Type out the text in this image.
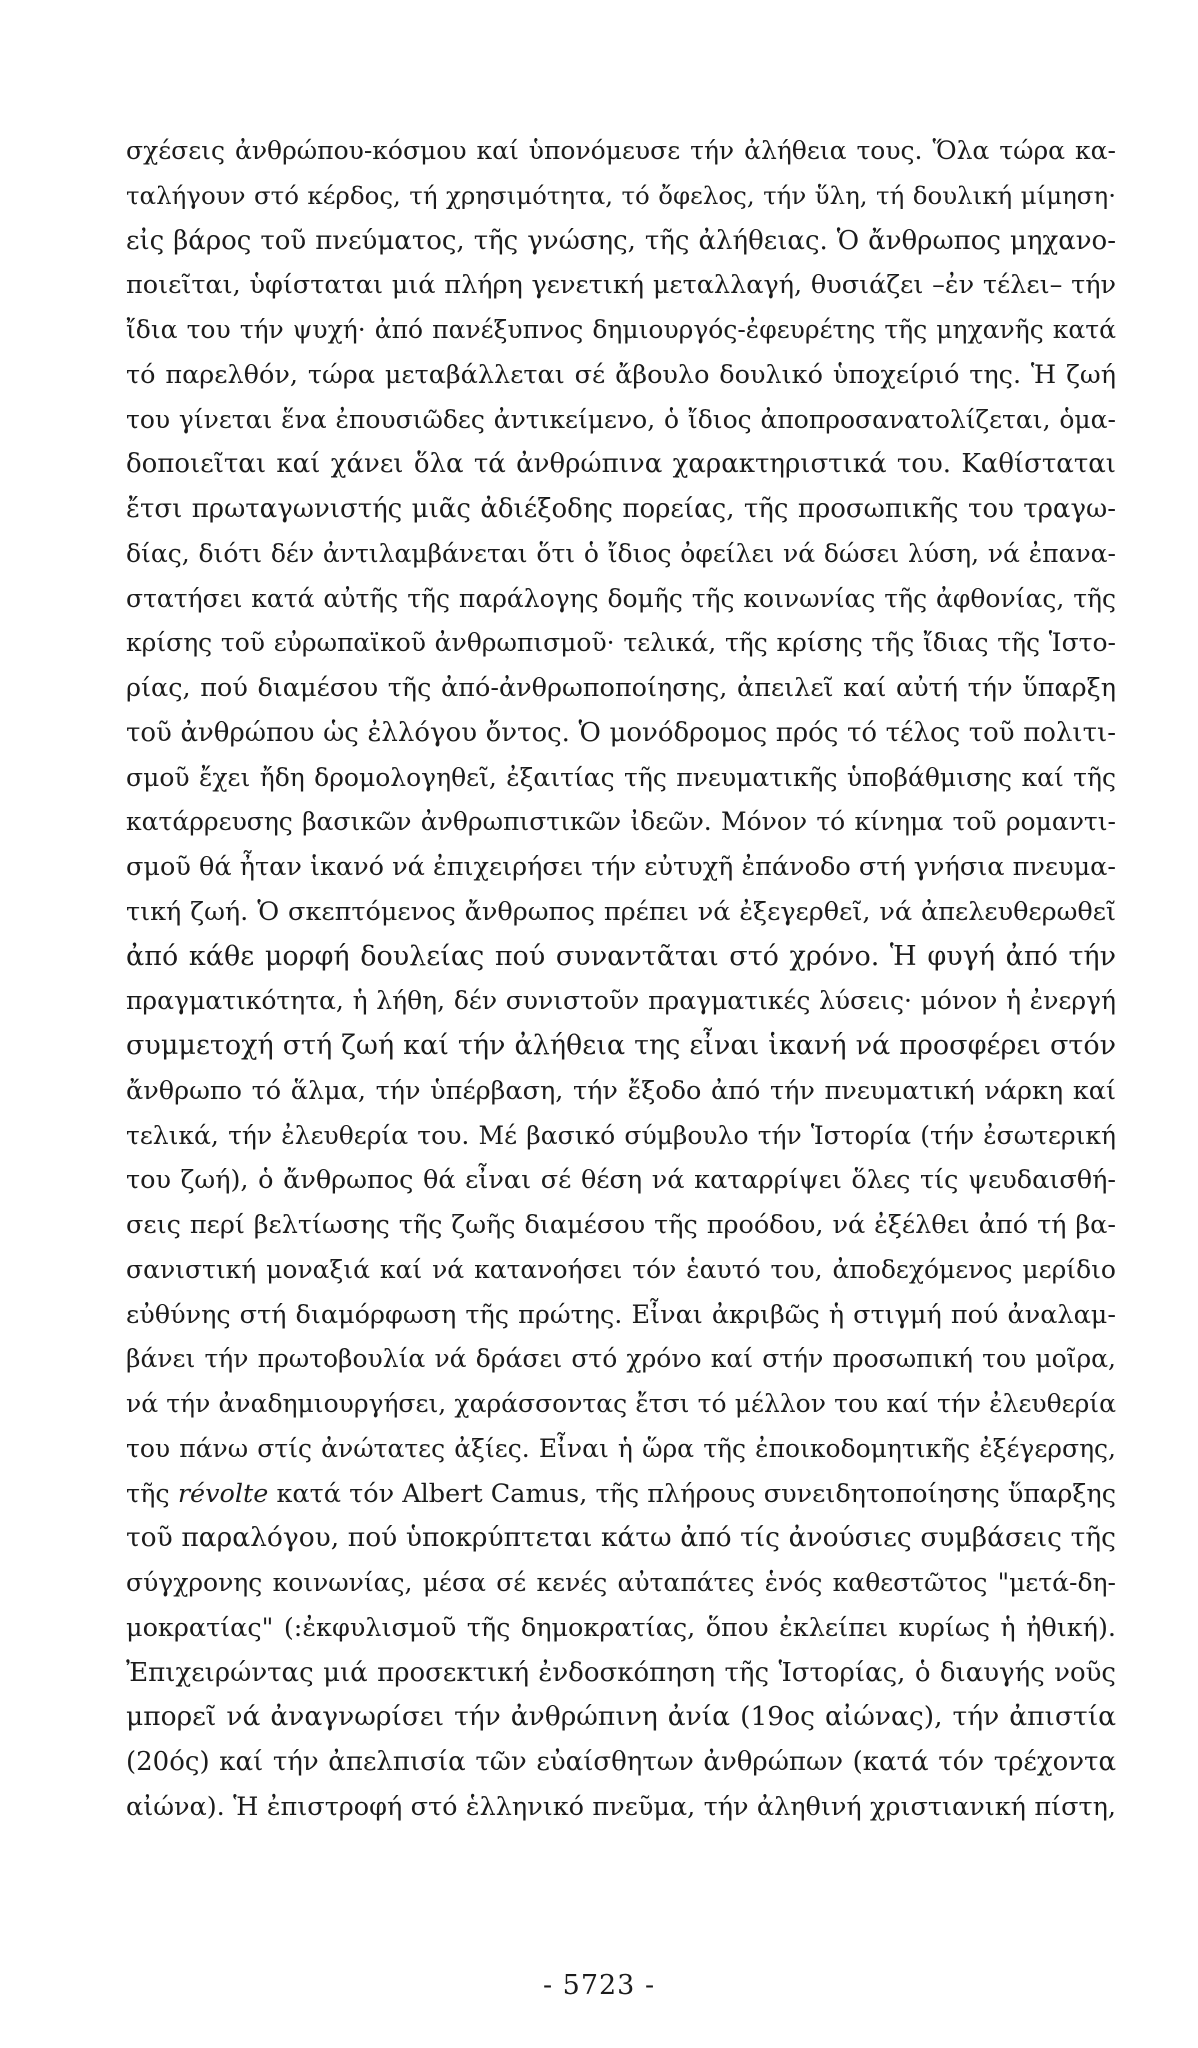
σχέσεις ἀνθρώπου-κόσμου καί ὑπονόμευσε τήν ἀλήθεια τους. Ὅλα τώρα κα-
ταλήγουν στό κέρδος, τή χρησιμότητα, τό ὄφελος, τήν ὕλη, τή δουλική μίμηση·
εἰς βάρος τοῦ πνεύματος, τῆς γνώσης, τῆς ἀλήθειας. Ὁ ἄνθρωπος μηχανο-
ποιεῖται, ὑφίσταται μιά πλήρη γενετική μεταλλαγή, θυσιάζει –ἐν τέλει– τήν
ἴδια του τήν ψυχή· ἀπό πανέξυπνος δημιουργός-ἐφευρέτης τῆς μηχανῆς κατά
τό παρελθόν, τώρα μεταβάλλεται σέ ἄβουλο δουλικό ὑποχείριό της. Ἡ ζωή
του γίνεται ἕνα ἐπουσιῶδες ἀντικείμενο, ὁ ἴδιος ἀποπροσανατολίζεται, ὁμα-
δοποιεῖται καί χάνει ὅλα τά ἀνθρώπινα χαρακτηριστικά του. Καθίσταται
ἔτσι πρωταγωνιστής μιᾶς ἀδιέξοδης πορείας, τῆς προσωπικῆς του τραγω-
δίας, διότι δέν ἀντιλαμβάνεται ὅτι ὁ ἴδιος ὀφείλει νά δώσει λύση, νά ἐπανα-
στατήσει κατά αὐτῆς τῆς παράλογης δομῆς τῆς κοινωνίας τῆς ἀφθονίας, τῆς
κρίσης τοῦ εὐρωπαϊκοῦ ἀνθρωπισμοῦ· τελικά, τῆς κρίσης τῆς ἴδιας τῆς Ἱστο-
ρίας, πού διαμέσου τῆς ἀπό-ἀνθρωποποίησης, ἀπειλεῖ καί αὐτή τήν ὕπαρξη
τοῦ ἀνθρώπου ὡς ἐλλόγου ὄντος. Ὁ μονόδρομος πρός τό τέλος τοῦ πολιτι-
σμοῦ ἔχει ἤδη δρομολογηθεῖ, ἐξαιτίας τῆς πνευματικῆς ὑποβάθμισης καί τῆς
κατάρρευσης βασικῶν ἀνθρωπιστικῶν ἰδεῶν. Μόνον τό κίνημα τοῦ ρομαντι-
σμοῦ θά ἦταν ἱκανό νά ἐπιχειρήσει τήν εὐτυχῆ ἐπάνοδο στή γνήσια πνευμα-
τική ζωή. Ὁ σκεπτόμενος ἄνθρωπος πρέπει νά ἐξεγερθεῖ, νά ἀπελευθερωθεῖ
ἀπό κάθε μορφή δουλείας πού συναντᾶται στό χρόνο. Ἡ φυγή ἀπό τήν
πραγματικότητα, ἡ λήθη, δέν συνιστοῦν πραγματικές λύσεις· μόνον ἡ ἐνεργή
συμμετοχή στή ζωή καί τήν ἀλήθεια της εἶναι ἱκανή νά προσφέρει στόν
ἄνθρωπο τό ἅλμα, τήν ὑπέρβαση, τήν ἔξοδο ἀπό τήν πνευματική νάρκη καί
τελικά, τήν ἐλευθερία του. Μέ βασικό σύμβουλο τήν Ἱστορία (τήν ἐσωτερική
του ζωή), ὁ ἄνθρωπος θά εἶναι σέ θέση νά καταρρίψει ὅλες τίς ψευδαισθή-
σεις περί βελτίωσης τῆς ζωῆς διαμέσου τῆς προόδου, νά ἐξέλθει ἀπό τή βα-
σανιστική μοναξιά καί νά κατανοήσει τόν ἑαυτό του, ἀποδεχόμενος μερίδιο
εὐθύνης στή διαμόρφωση τῆς πρώτης. Εἶναι ἀκριβῶς ἡ στιγμή πού ἀναλαμ-
βάνει τήν πρωτοβουλία νά δράσει στό χρόνο καί στήν προσωπική του μοῖρα,
νά τήν ἀναδημιουργήσει, χαράσσοντας ἔτσι τό μέλλον του καί τήν ἐλευθερία
του πάνω στίς ἀνώτατες ἀξίες. Εἶναι ἡ ὥρα τῆς ἐποικοδομητικῆς ἐξέγερσης,
τῆς révolte κατά τόν Albert Camus, τῆς πλήρους συνειδητοποίησης ὕπαρξης
τοῦ παραλόγου, πού ὑποκρύπτεται κάτω ἀπό τίς ἀνούσιες συμβάσεις τῆς
σύγχρονης κοινωνίας, μέσα σέ κενές αὐταπάτες ἑνός καθεστῶτος "μετά-δη-
μοκρατίας" (:ἐκφυλισμοῦ τῆς δημοκρατίας, ὅπου ἐκλείπει κυρίως ἡ ἠθική).
Ἐπιχειρώντας μιά προσεκτική ἐνδοσκόπηση τῆς Ἱστορίας, ὁ διαυγής νοῦς
μπορεῖ νά ἀναγνωρίσει τήν ἀνθρώπινη ἀνία (19ος αἰώνας), τήν ἀπιστία
(20ός) καί τήν ἀπελπισία τῶν εὐαίσθητων ἀνθρώπων (κατά τόν τρέχοντα
αἰώνα). Ἡ ἐπιστροφή στό ἑλληνικό πνεῦμα, τήν ἀληθινή χριστιανική πίστη,
- 5723 -
